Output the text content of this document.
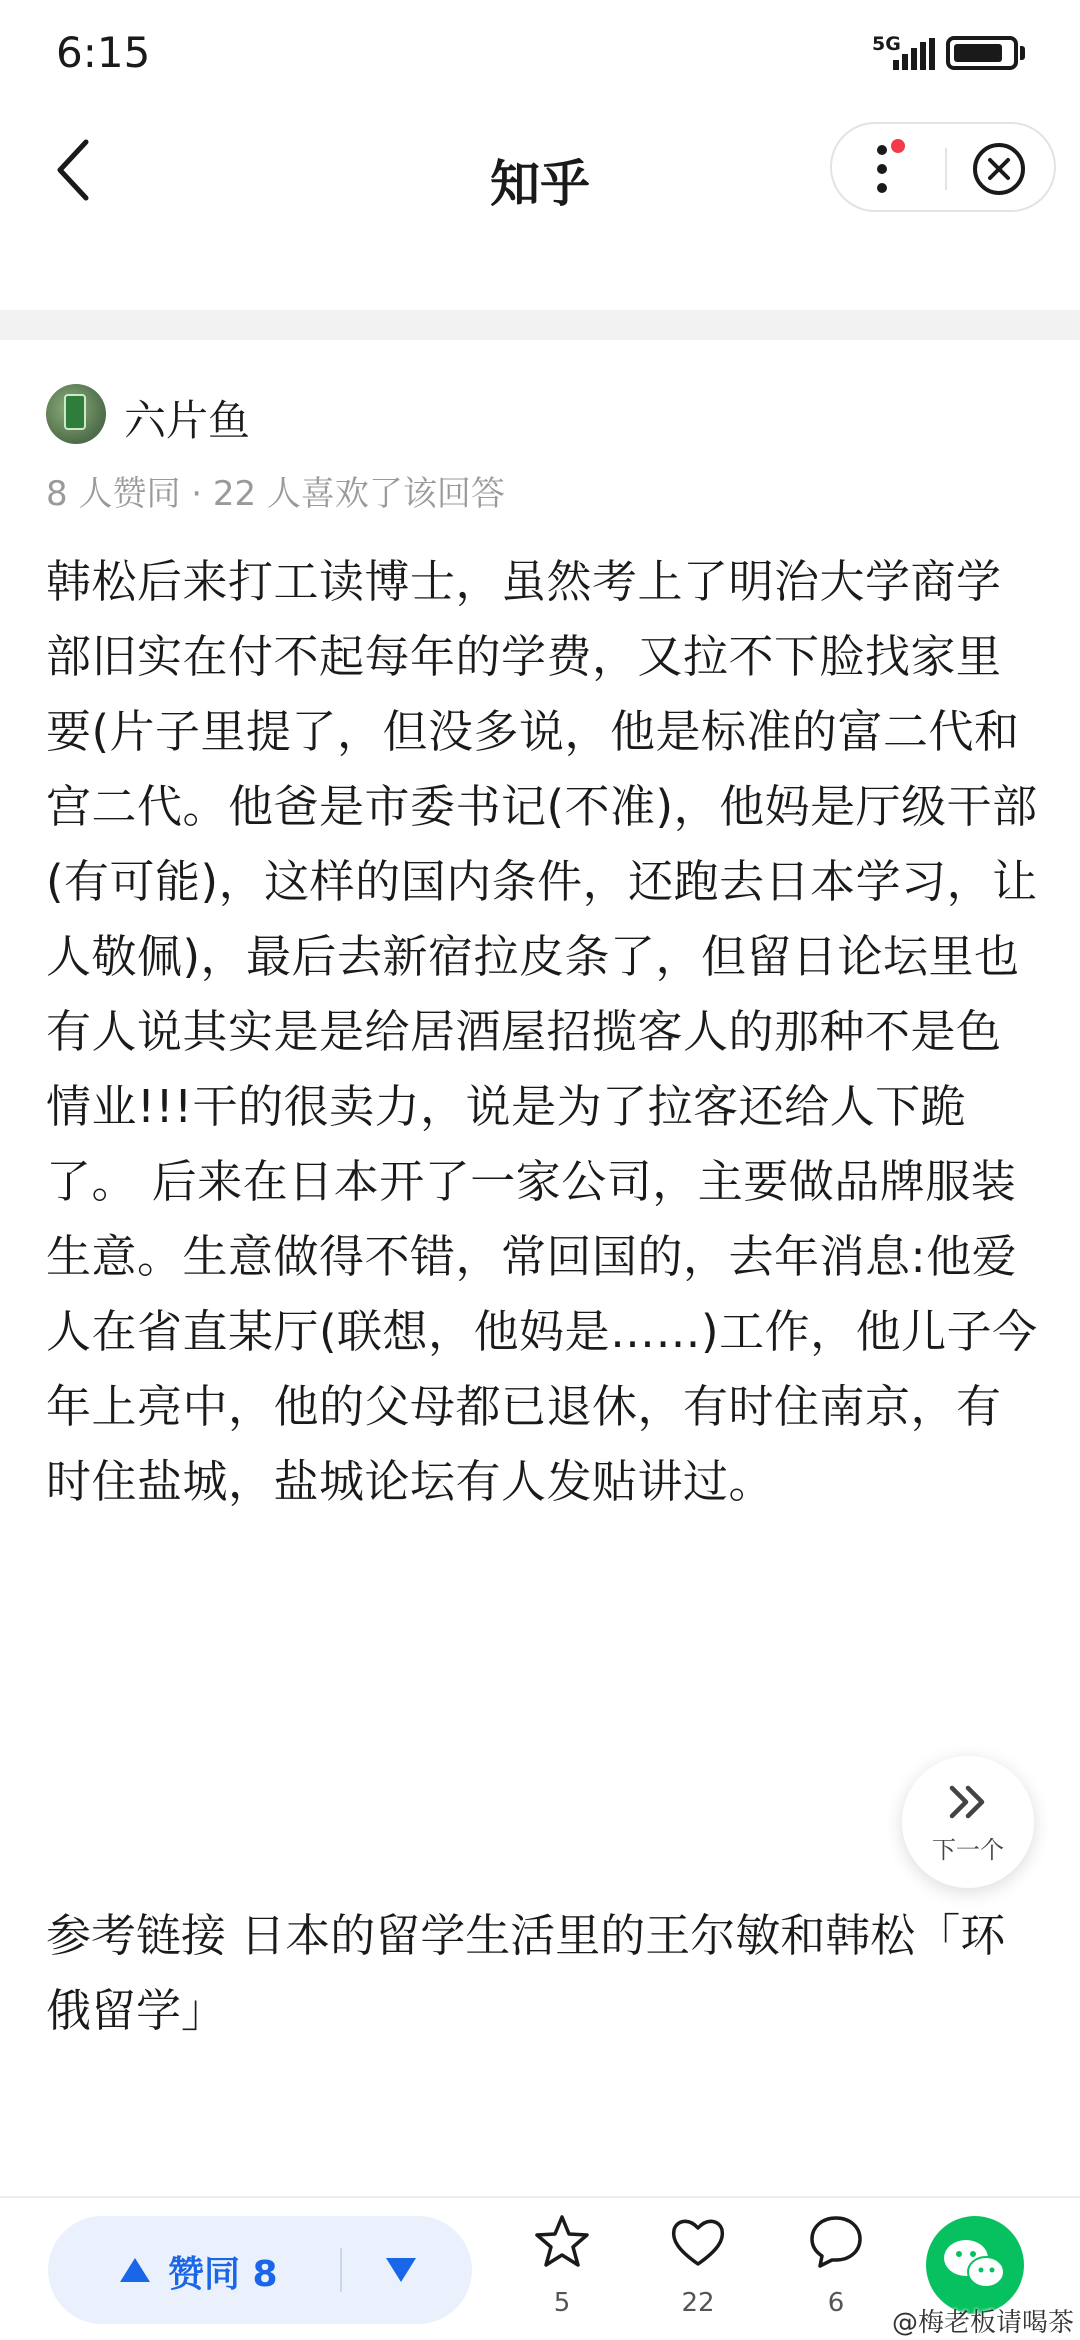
6:15	5G
知乎
六片鱼
8 人赞同 · 22 人喜欢了该回答
韩松后来打工读博士，虽然考上了明治大学商学部旧实在付不起每年的学费，又拉不下脸找家里要(片子里提了，但没多说，他是标准的富二代和宫二代。他爸是市委书记(不准)，他妈是厅级干部(有可能)，这样的国内条件，还跑去日本学习，让人敬佩)，最后去新宿拉皮条了，但留日论坛里也有人说其实是是给居酒屋招揽客人的那种不是色情业!!!干的很卖力，说是为了拉客还给人下跪了。 后来在日本开了一家公司，主要做品牌服装生意。生意做得不错，常回国的，去年消息:他爱人在省直某厅(联想，他妈是……)工作，他儿子今年上亮中，他的父母都已退休，有时住南京，有时住盐城，盐城论坛有人发贴讲过。
参考链接 日本的留学生活里的王尔敏和韩松「环俄留学」
下一个
赞同 8
5	22	6
@梅老板请喝茶
